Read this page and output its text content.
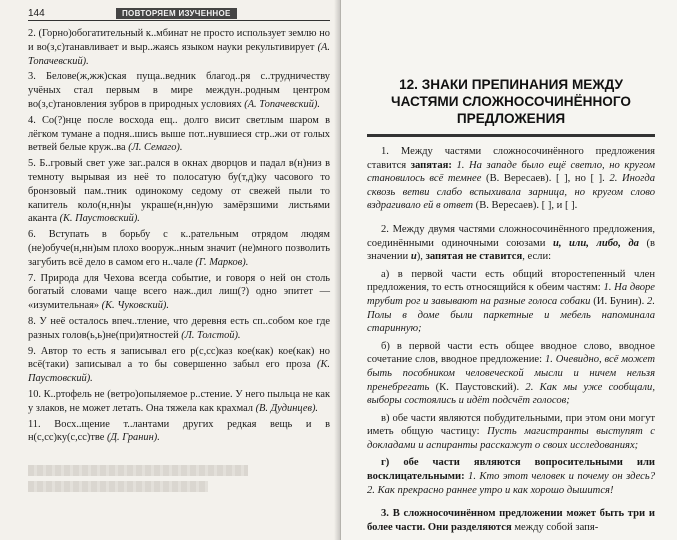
144	ПОВТОРЯЕМ ИЗУЧЕННОЕ

2. (Горно)обогатительный к..мбинат не просто использует землю но и во(з,с)танавливает и выр..жаясь языком науки рекультивирует (А. Топачевский).

3. Белове(ж,жж)ская пуща..ведник благод..ря с..трудничеству учёных стал первым в мире междун..родным центром во(з,с)тановления зубров в природных условиях (А. Топачевский).

4. Со(?)нце после восхода ещ.. долго висит светлым шаром в лёгком тумане а подня..шись выше пот..нувшиеся стр..жи от голых ветвей белые круж..ва (Л. Семаго).

5. Б..гровый свет уже заг..рался в окнах дворцов и падал в(н)низ в темноту вырывая из неё то полосатую бу(т,д)ку часового то бронзовый пам..тник одинокому седому от свежей пыли то капитель коло(н,нн)ы украше(н,нн)ую замёрзшими листьями аканта (К. Паустовский).

6. Вступать в борьбу с к..рательным отрядом людям (не)обуче(н,нн)ым плохо вооруж..нным значит (не)много позволить загубить всё дело в самом его н..чале (Г. Марков).

7. Природа для Чехова всегда событие, и говоря о ней он столь богатый словами чаще всего наж..дил лиш(?) одно эпитет — «изумительная» (К. Чуковский).

8. У неё осталось впеч..тление, что деревня есть сп..собом кое где разных голов(ь,ь)не(при)ятностей (Л. Толстой).

9. Автор то есть я записывал его р(с,сс)каз кое(как) кое(как) но всё(таки) записывал а то бы совершенно забыл его проза (К. Паустовский).

10. К..ртофель не (ветро)опыляемое р..стение. У него пыльца не как у злаков, не может летать. Она тяжела как крахмал (В. Дудинцев).

11. Восх..щение т..лантами других редкая вещь и в н(с,сс)ку(с,сс)тве (Д. Гранин).

12. ЗНАКИ ПРЕПИНАНИЯ МЕЖДУ ЧАСТЯМИ СЛОЖНОСОЧИНЁННОГО ПРЕДЛОЖЕНИЯ

1. Между частями сложносочинённого предложения ставится запятая: 1. На западе было ещё светло, но кругом становилось всё темнее (В. Вересаев). [ ], но [ ]. 2. Иногда сквозь ветви слабо вспыхивала зарница, но кругом слово вздрагивало ей в ответ (В. Вересаев). [ ], и [ ].

2. Между двумя частями сложносочинённого предложения, соединёнными одиночными союзами и, или, либо, да (в значении и), запятая не ставится, если:

а) в первой части есть общий второстепенный член предложения, то есть относящийся к обеим частям: 1. На дворе трубит рог и завывают на разные голоса собаки (И. Бунин). 2. Полы в доме были паркетные и мебель напоминала старинную;

б) в первой части есть общее вводное слово, вводное сочетание слов, вводное предложение: 1. Очевидно, всё может быть пособником человеческой мысли и ничем нельзя пренебрегать (К. Паустовский). 2. Как мы уже сообщали, выборы состоялись и идёт подсчёт голосов;

в) обе части являются побудительными, при этом они могут иметь общую частицу: Пусть магистранты выступят с докладами и аспиранты расскажут о своих исследованиях;

г) обе части являются вопросительными или восклицательными: 1. Кто этот человек и почему он здесь? 2. Как прекрасно раннее утро и как хорошо дышится!

3. В сложносочинённом предложении может быть три и более части. Они разделяются между собой запя-
